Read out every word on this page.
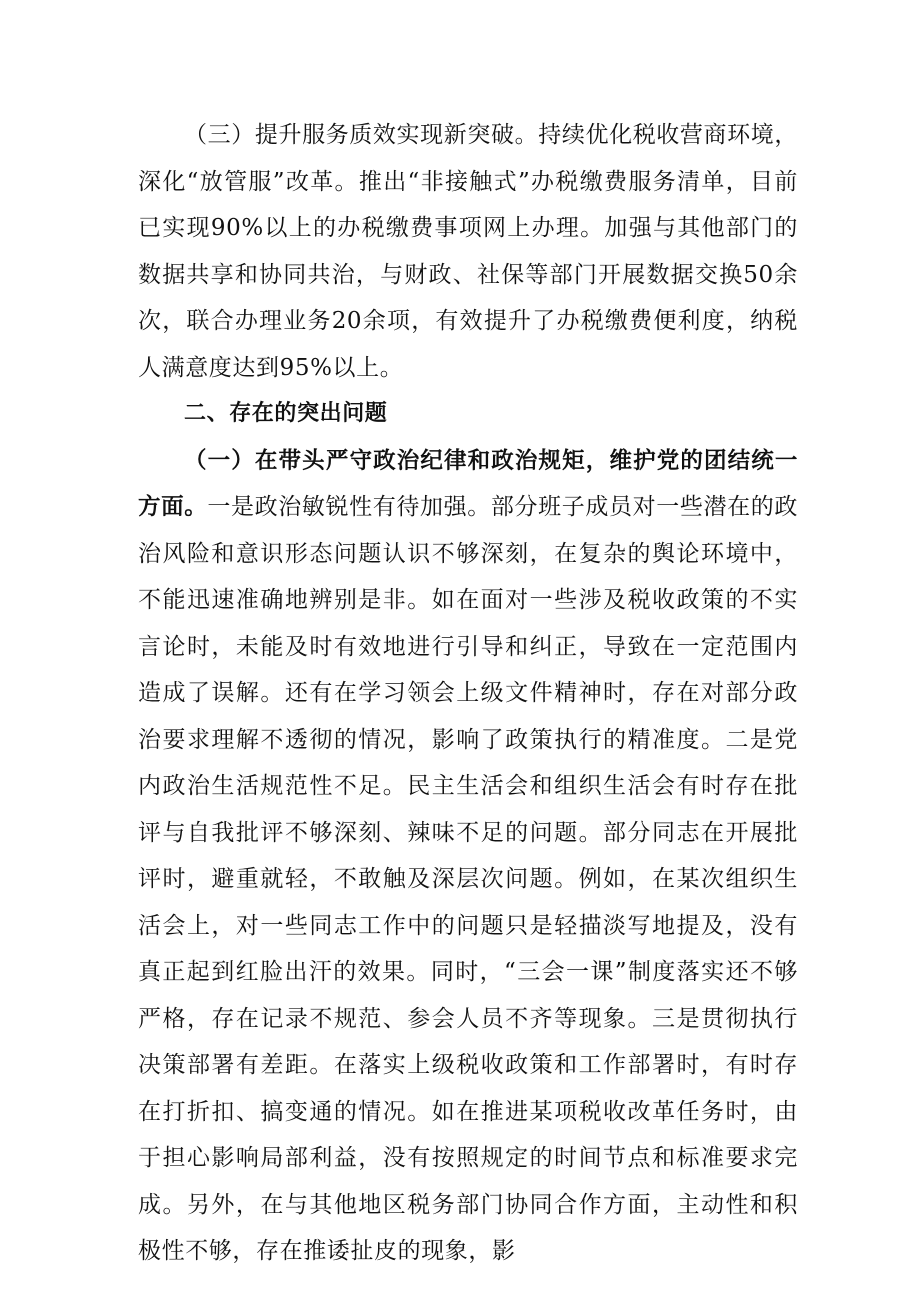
（三）提升服务质效实现新突破。持续优化税收营商环境，深化“放管服”改革。推出“非接触式”办税缴费服务清单，目前已实现90%以上的办税缴费事项网上办理。加强与其他部门的数据共享和协同共治，与财政、社保等部门开展数据交换50余次，联合办理业务20余项，有效提升了办税缴费便利度，纳税人满意度达到95%以上。

二、存在的突出问题

（一）在带头严守政治纪律和政治规矩，维护党的团结统一方面。一是政治敏锐性有待加强。部分班子成员对一些潜在的政治风险和意识形态问题认识不够深刻，在复杂的舆论环境中，不能迅速准确地辨别是非。如在面对一些涉及税收政策的不实言论时，未能及时有效地进行引导和纠正，导致在一定范围内造成了误解。还有在学习领会上级文件精神时，存在对部分政治要求理解不透彻的情况，影响了政策执行的精准度。二是党内政治生活规范性不足。民主生活会和组织生活会有时存在批评与自我批评不够深刻、辣味不足的问题。部分同志在开展批评时，避重就轻，不敢触及深层次问题。例如，在某次组织生活会上，对一些同志工作中的问题只是轻描淡写地提及，没有真正起到红脸出汗的效果。同时，“三会一课”制度落实还不够严格，存在记录不规范、参会人员不齐等现象。三是贯彻执行决策部署有差距。在落实上级税收政策和工作部署时，有时存在打折扣、搞变通的情况。如在推进某项税收改革任务时，由于担心影响局部利益，没有按照规定的时间节点和标准要求完成。另外，在与其他地区税务部门协同合作方面，主动性和积极性不够，存在推诿扯皮的现象，影
